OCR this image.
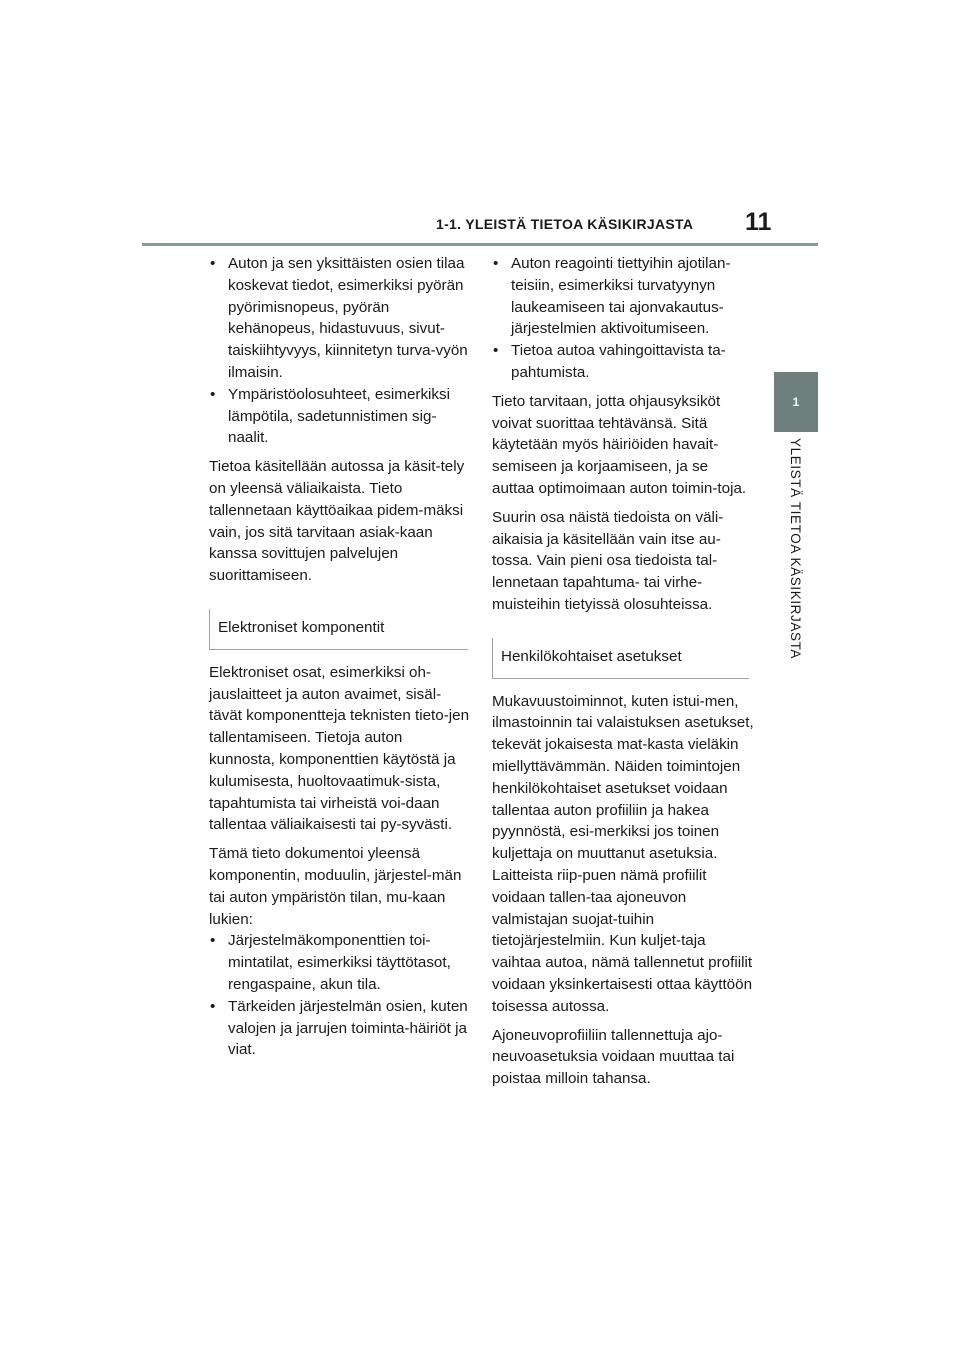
1-1. YLEISTÄ TIETOA KÄSIKIRJASTA 11
1
YLEISTÄ TIETOA KÄSIKIRJASTA

• Auton ja sen yksittäisten osien tilaa koskevat tiedot, esimerkiksi pyörän pyörimisnopeus, pyörän kehänopeus, hidastuvuus, sivut-taiskiihtyvyys, kiinnitetyn turva-vyön ilmaisin.

• Ympäristöolosuhteet, esimerkiksi lämpötila, sadetunnistimen sig-naalit.

Tietoa käsitellään autossa ja käsit-tely on yleensä väliaikaista. Tieto tallennetaan käyttöaikaa pidem-mäksi vain, jos sitä tarvitaan asiak-kaan kanssa sovittujen palvelujen suorittamiseen.

Elektroniset komponentit

Elektroniset osat, esimerkiksi oh-jauslaitteet ja auton avaimet, sisäl-tävät komponentteja teknisten tieto-jen tallentamiseen. Tietoja auton kunnosta, komponenttien käytöstä ja kulumisesta, huoltovaatimuk-sista, tapahtumista tai virheistä voi-daan tallentaa väliaikaisesti tai py-syvästi.

Tämä tieto dokumentoi yleensä komponentin, moduulin, järjestel-män tai auton ympäristön tilan, mu-kaan lukien:

• Järjestelmäkomponenttien toi-mintatilat, esimerkiksi täyttötasot, rengaspaine, akun tila.

• Tärkeiden järjestelmän osien, kuten valojen ja jarrujen toiminta-häiriöt ja viat.

• Auton reagointi tiettyihin ajotilan-teisiin, esimerkiksi turvatyynyn laukeamiseen tai ajonvakautus-järjestelmien aktivoitumiseen.

• Tietoa autoa vahingoittavista ta-pahtumista.

Tieto tarvitaan, jotta ohjausyksiköt voivat suorittaa tehtävänsä. Sitä käytetään myös häiriöiden havait-semiseen ja korjaamiseen, ja se auttaa optimoimaan auton toimin-toja.

Suurin osa näistä tiedoista on väli-aikaisia ja käsitellään vain itse au-tossa. Vain pieni osa tiedoista tal-lennetaan tapahtuma- tai virhe-muisteihin tietyissä olosuhteissa.

Henkilökohtaiset asetukset

Mukavuustoiminnot, kuten istui-men, ilmastoinnin tai valaistuksen asetukset, tekevät jokaisesta mat-kasta vieläkin miellyttävämmän. Näiden toimintojen henkilökohtaiset asetukset voidaan tallentaa auton profiiliin ja hakea pyynnöstä, esi-merkiksi jos toinen kuljettaja on muuttanut asetuksia. Laitteista riip-puen nämä profiilit voidaan tallen-taa ajoneuvon valmistajan suojat-tuihin tietojärjestelmiin. Kun kuljet-taja vaihtaa autoa, nämä tallennetut profiilit voidaan yksinkertaisesti ottaa käyttöön toisessa autossa.

Ajoneuvoprofiiliin tallennettuja ajo-neuvoasetuksia voidaan muuttaa tai poistaa milloin tahansa.
